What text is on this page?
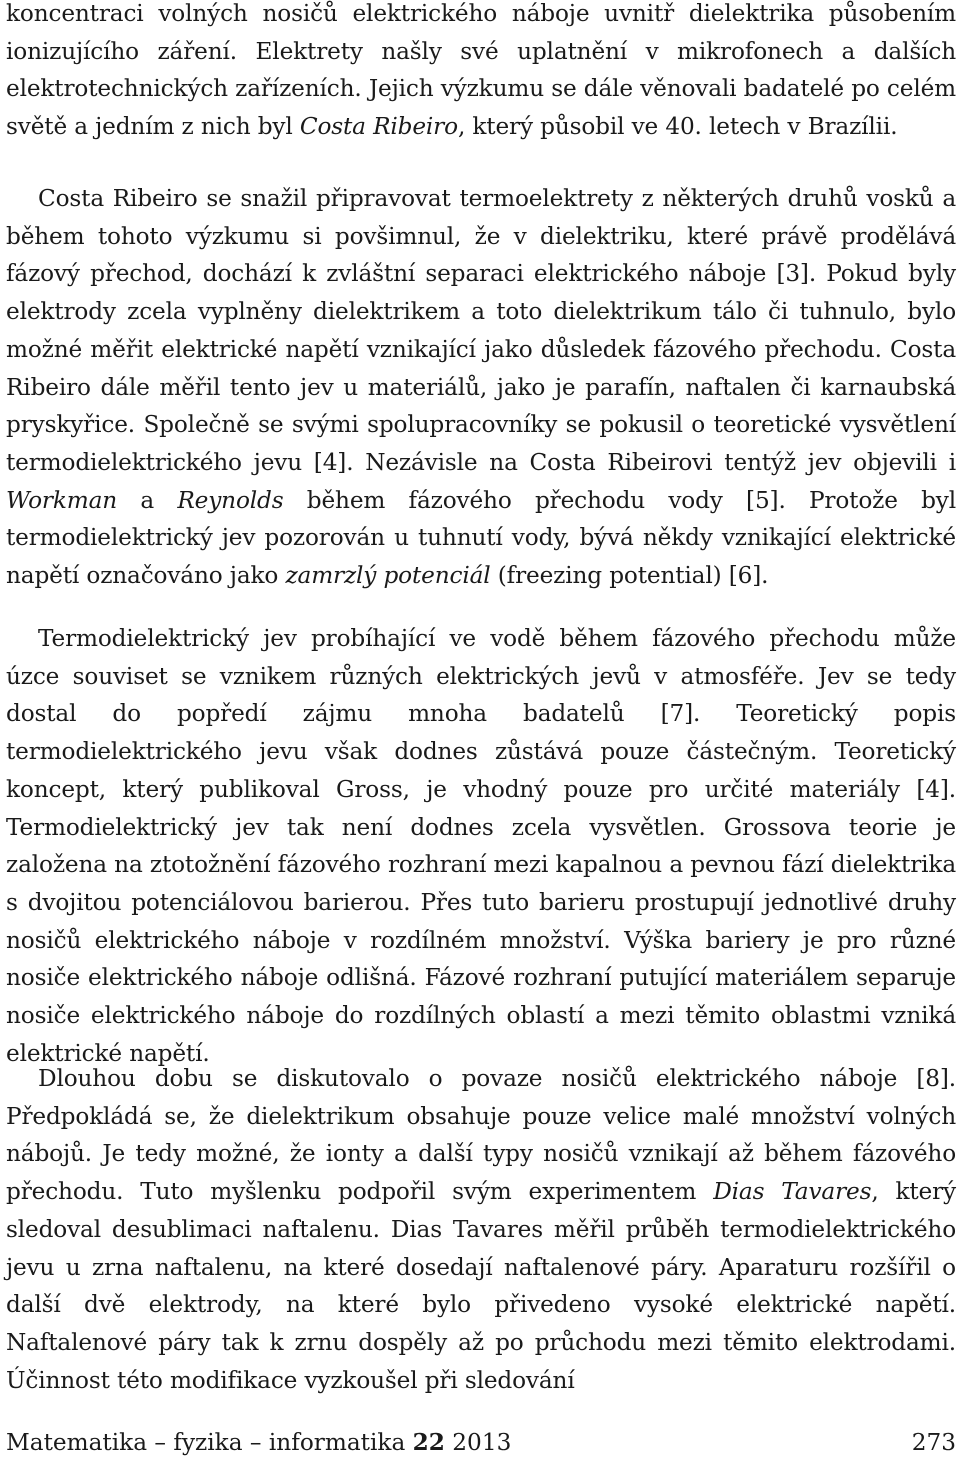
koncentraci volných nosičů elektrického náboje uvnitř dielektrika působením ionizujícího záření. Elektrety našly své uplatnění v mikrofonech a dalších elektrotechnických zařízeních. Jejich výzkumu se dále věnovali badatelé po celém světě a jedním z nich byl Costa Ribeiro, který působil ve 40. letech v Brazílii.

Costa Ribeiro se snažil připravovat termoelektrety z některých druhů vosků a během tohoto výzkumu si povšimnul, že v dielektriku, které právě prodělává fázový přechod, dochází k zvláštní separaci elektrického náboje [3]. Pokud byly elektrody zcela vyplněny dielektrikem a toto dielektrikum tálo či tuhnulo, bylo možné měřit elektrické napětí vznikající jako důsledek fázového přechodu. Costa Ribeiro dále měřil tento jev u materiálů, jako je parafín, naftalen či karnaubská pryskyřice. Společně se svými spolupracovníky se pokusil o teoretické vysvětlení termodielektrického jevu [4]. Nezávisle na Costa Ribeirovi tentýž jev objevili i Workman a Reynolds během fázového přechodu vody [5]. Protože byl termodielektrický jev pozorován u tuhnutí vody, bývá někdy vznikající elektrické napětí označováno jako zamrzlý potenciál (freezing potential) [6].

Termodielektrický jev probíhající ve vodě během fázového přechodu může úzce souviset se vznikem různých elektrických jevů v atmosféře. Jev se tedy dostal do popředí zájmu mnoha badatelů [7]. Teoretický popis termodielektrického jevu však dodnes zůstává pouze částečným. Teoretický koncept, který publikoval Gross, je vhodný pouze pro určité materiály [4]. Termodielektrický jev tak není dodnes zcela vysvětlen. Grossova teorie je založena na ztotožnění fázového rozhraní mezi kapalnou a pevnou fází dielektrika s dvojitou potenciálovou barierou. Přes tuto barieru prostupují jednotlivé druhy nosičů elektrického náboje v rozdílném množství. Výška bariery je pro různé nosiče elektrického náboje odlišná. Fázové rozhraní putující materiálem separuje nosiče elektrického náboje do rozdílných oblastí a mezi těmito oblastmi vzniká elektrické napětí.

Dlouhou dobu se diskutovalo o povaze nosičů elektrického náboje [8]. Předpokládá se, že dielektrikum obsahuje pouze velice malé množství volných nábojů. Je tedy možné, že ionty a další typy nosičů vznikají až během fázového přechodu. Tuto myšlenku podpořil svým experimentem Dias Tavares, který sledoval desublimaci naftalenu. Dias Tavares měřil průběh termodielektrického jevu u zrna naftalenu, na které dosedají naftalenové páry. Aparaturu rozšířil o další dvě elektrody, na které bylo přivedeno vysoké elektrické napětí. Naftalenové páry tak k zrnu dospěly až po průchodu mezi těmito elektrodami. Účinnost této modifikace vyzkoušel při sledování

Matematika – fyzika – informatika 22 2013	273
